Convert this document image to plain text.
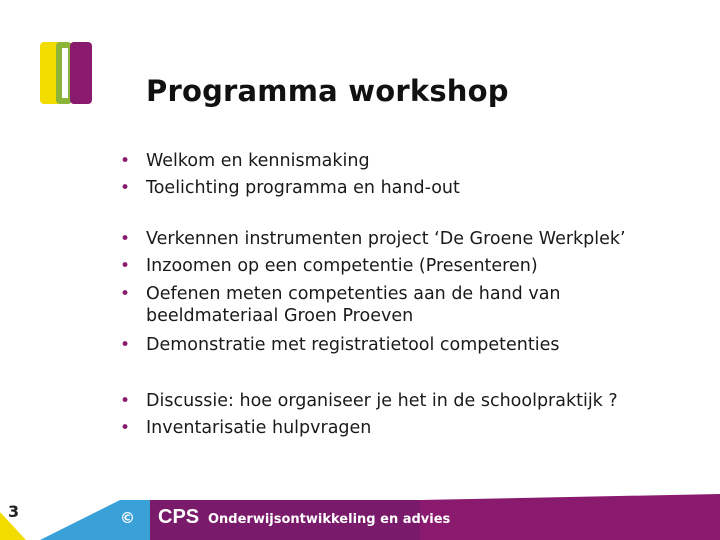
Programma workshop
• Welkom en kennismaking
• Toelichting programma en hand-out
• Verkennen instrumenten project ‘De Groene Werkplek’
• Inzoomen op een competentie (Presenteren)
• Oefenen meten competenties aan de hand van beeldmateriaal Groen Proeven
• Demonstratie met registratietool competenties
• Discussie: hoe organiseer je het in de schoolpraktijk ?
• Inventarisatie hulpvragen
3	© CPS Onderwijsontwikkeling en advies
